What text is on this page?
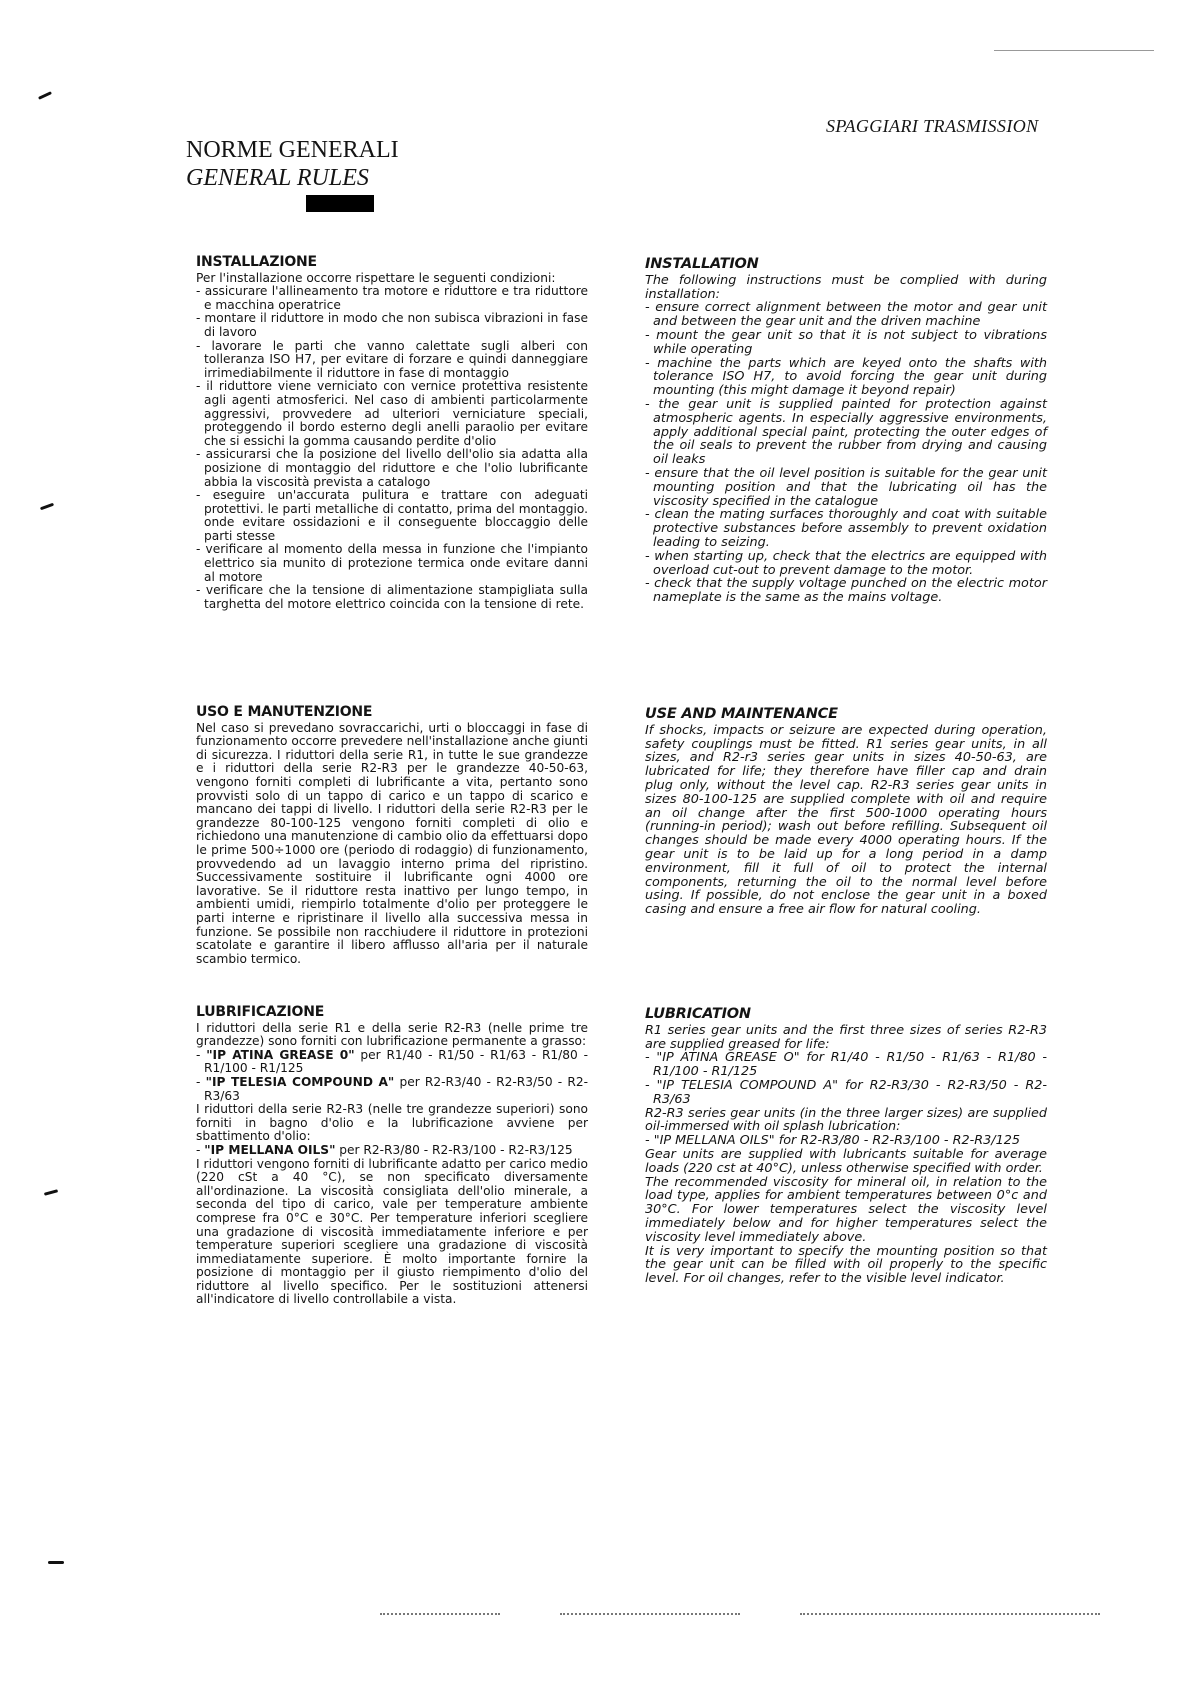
SPAGGIARI TRASMISSION
NORME GENERALI
GENERAL RULES
INSTALLAZIONE

Per l'installazione occorre rispettare le seguenti condizioni:

- assicurare l'allineamento tra motore e riduttore e tra riduttore e macchina operatrice
- montare il riduttore in modo che non subisca vibrazioni in fase di lavoro
- lavorare le parti che vanno calettate sugli alberi con tolleranza ISO H7, per evitare di forzare e quindi danneggiare irrimediabilmente il riduttore in fase di montaggio
- il riduttore viene verniciato con vernice protettiva resistente agli agenti atmosferici. Nel caso di ambienti particolarmente aggressivi, provvedere ad ulteriori verniciature speciali, proteggendo il bordo esterno degli anelli paraolio per evitare che si essichi la gomma causando perdite d'olio
- assicurarsi che la posizione del livello dell'olio sia adatta alla posizione di montaggio del riduttore e che l'olio lubrificante abbia la viscosità prevista a catalogo
- eseguire un'accurata pulitura e trattare con adeguati protettivi. le parti metalliche di contatto, prima del montaggio. onde evitare ossidazioni e il conseguente bloccaggio delle parti stesse
- verificare al momento della messa in funzione che l'impianto elettrico sia munito di protezione termica onde evitare danni al motore
- verificare che la tensione di alimentazione stampigliata sulla targhetta del motore elettrico coincida con la tensione di rete.
USO E MANUTENZIONE

Nel caso si prevedano sovraccarichi, urti o bloccaggi in fase di funzionamento occorre prevedere nell'installazione anche giunti di sicurezza. I riduttori della serie R1, in tutte le sue grandezze e i riduttori della serie R2-R3 per le grandezze 40-50-63, vengono forniti completi di lubrificante a vita, pertanto sono provvisti solo di un tappo di carico e un tappo di scarico e mancano dei tappi di livello. I riduttori della serie R2-R3 per le grandezze 80-100-125 vengono forniti completi di olio e richiedono una manutenzione di cambio olio da effettuarsi dopo le prime 500÷1000 ore (periodo di rodaggio) di funzionamento, provvedendo ad un lavaggio interno prima del ripristino. Successivamente sostituire il lubrificante ogni 4000 ore lavorative. Se il riduttore resta inattivo per lungo tempo, in ambienti umidi, riempirlo totalmente d'olio per proteggere le parti interne e ripristinare il livello alla successiva messa in funzione. Se possibile non racchiudere il riduttore in protezioni scatolate e garantire il libero afflusso all'aria per il naturale scambio termico.

LUBRIFICAZIONE

I riduttori della serie R1 e della serie R2-R3 (nelle prime tre grandezze) sono forniti con lubrificazione permanente a grasso:

- "IP ATINA GREASE 0" per R1/40 - R1/50 - R1/63 - R1/80 - R1/100 - R1/125
- "IP TELESIA COMPOUND A" per R2-R3/40 - R2-R3/50 - R2-R3/63

I riduttori della serie R2-R3 (nelle tre grandezze superiori) sono forniti in bagno d'olio e la lubrificazione avviene per sbattimento d'olio:

- "IP MELLANA OILS" per R2-R3/80 - R2-R3/100 - R2-R3/125

I riduttori vengono forniti di lubrificante adatto per carico medio (220 cSt a 40 °C), se non specificato diversamente all'ordinazione. La viscosità consigliata dell'olio minerale, a seconda del tipo di carico, vale per temperature ambiente comprese fra 0°C e 30°C. Per temperature inferiori scegliere una gradazione di viscosità immediatamente inferiore e per temperature superiori scegliere una gradazione di viscosità immediatamente superiore. È molto importante fornire la posizione di montaggio per il giusto riempimento d'olio del riduttore al livello specifico. Per le sostituzioni attenersi all'indicatore di livello controllabile a vista.

INSTALLATION

The following instructions must be complied with during installation:

- ensure correct alignment between the motor and gear unit and between the gear unit and the driven machine
- mount the gear unit so that it is not subject to vibrations while operating
- machine the parts which are keyed onto the shafts with tolerance ISO H7, to avoid forcing the gear unit during mounting (this might damage it beyond repair)
- the gear unit is supplied painted for protection against atmospheric agents. In especially aggressive environments, apply additional special paint, protecting the outer edges of the oil seals to prevent the rubber from drying and causing oil leaks
- ensure that the oil level position is suitable for the gear unit mounting position and that the lubricating oil has the viscosity specified in the catalogue
- clean the mating surfaces thoroughly and coat with suitable protective substances before assembly to prevent oxidation leading to seizing.
- when starting up, check that the electrics are equipped with overload cut-out to prevent damage to the motor.
- check that the supply voltage punched on the electric motor nameplate is the same as the mains voltage.
USE AND MAINTENANCE

If shocks, impacts or seizure are expected during operation, safety couplings must be fitted. R1 series gear units, in all sizes, and R2-r3 series gear units in sizes 40-50-63, are lubricated for life; they therefore have filler cap and drain plug only, without the level cap. R2-R3 series gear units in sizes 80-100-125 are supplied complete with oil and require an oil change after the first 500-1000 operating hours (running-in period); wash out before refilling. Subsequent oil changes should be made every 4000 operating hours. If the gear unit is to be laid up for a long period in a damp environment, fill it full of oil to protect the internal components, returning the oil to the normal level before using. If possible, do not enclose the gear unit in a boxed casing and ensure a free air flow for natural cooling.

LUBRICATION

R1 series gear units and the first three sizes of series R2-R3 are supplied greased for life:

- "IP ATINA GREASE O" for R1/40 - R1/50 - R1/63 - R1/80 -R1/100 - R1/125
- "IP TELESIA COMPOUND A" for R2-R3/30 - R2-R3/50 - R2-R3/63

R2-R3 series gear units (in the three larger sizes) are supplied oil-immersed with oil splash lubrication:

- "IP MELLANA OILS" for R2-R3/80 - R2-R3/100 - R2-R3/125

Gear units are supplied with lubricants suitable for average loads (220 cst at 40°C), unless otherwise specified with order.

The recommended viscosity for mineral oil, in relation to the load type, applies for ambient temperatures between 0°c and 30°C. For lower temperatures select the viscosity level immediately below and for higher temperatures select the viscosity level immediately above.

It is very important to specify the mounting position so that the gear unit can be filled with oil properly to the specific level. For oil changes, refer to the visible level indicator.
